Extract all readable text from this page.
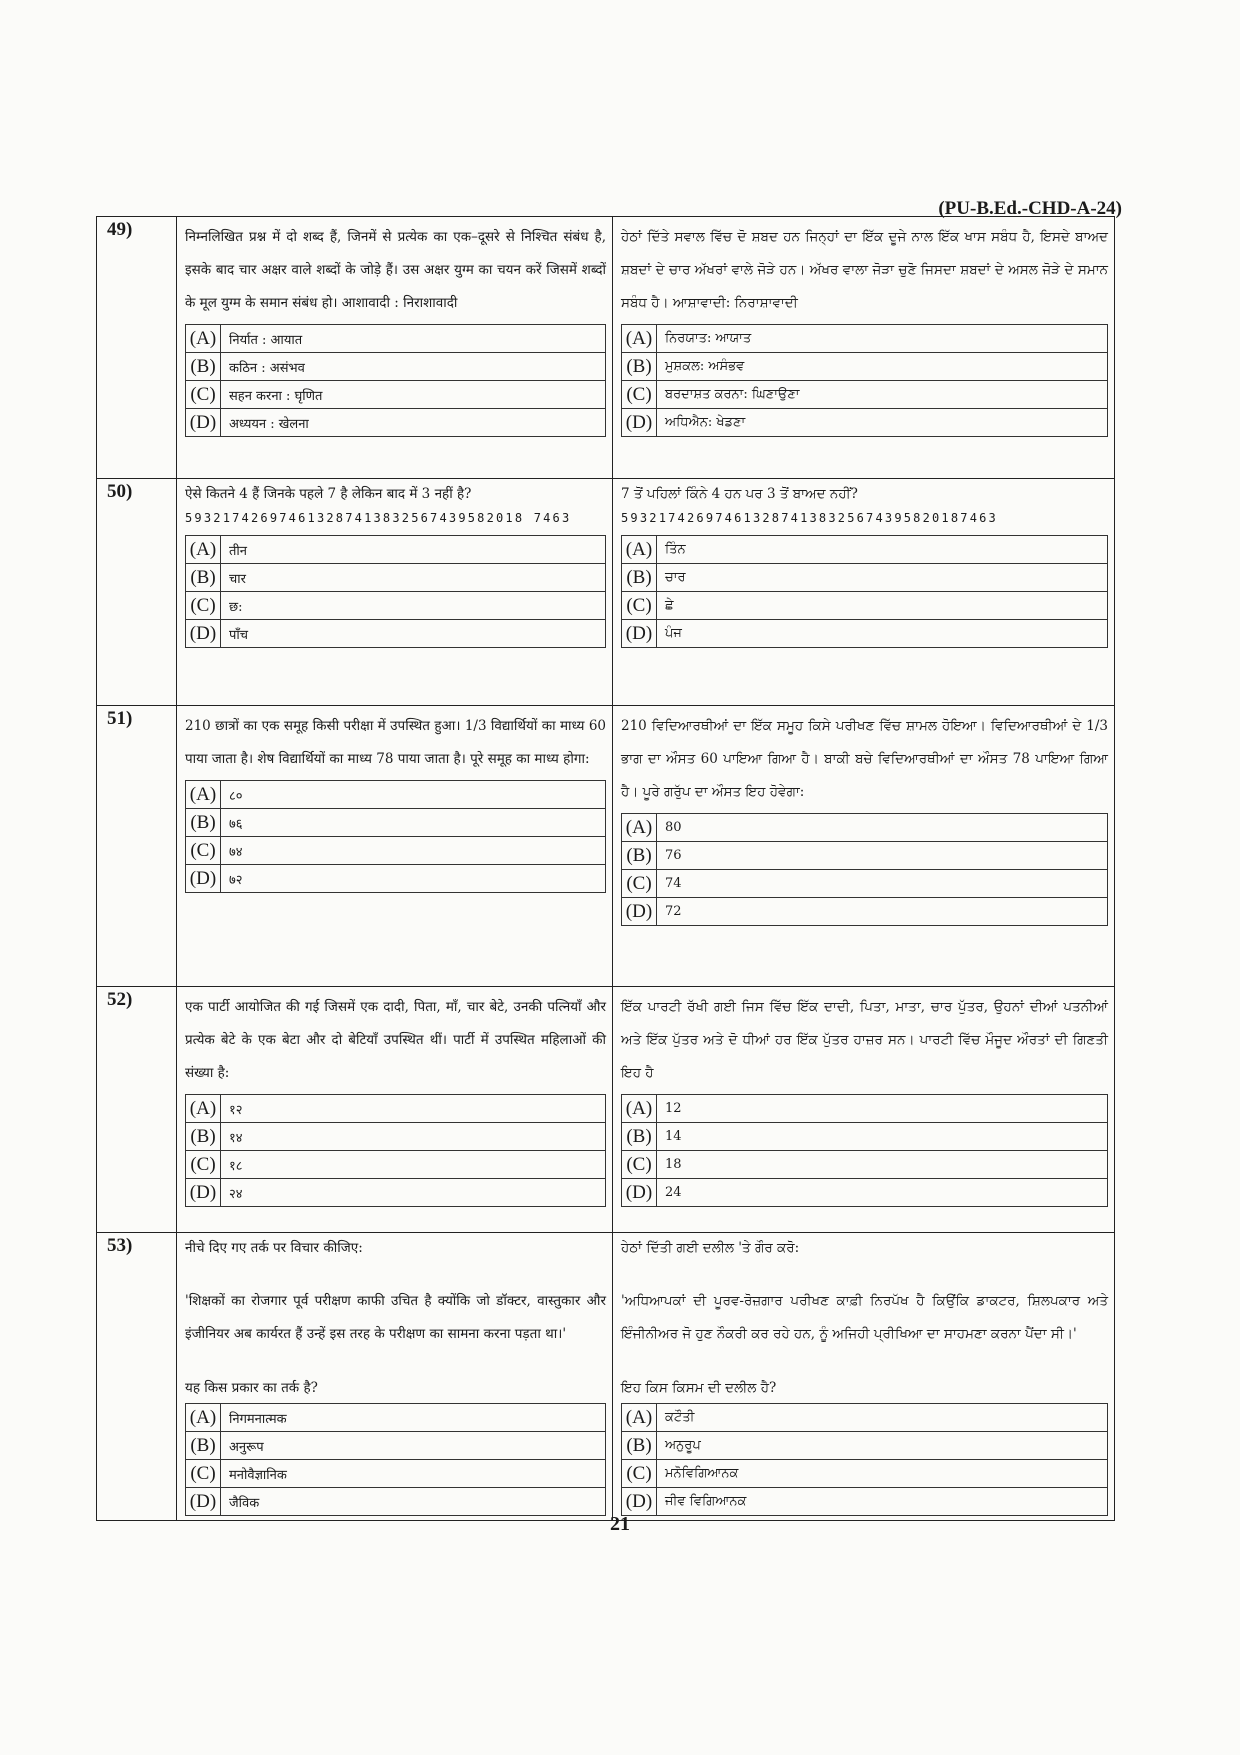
(PU-B.Ed.-CHD-A-24)
49)	निम्नलिखित प्रश्न में दो शब्द हैं, जिनमें से प्रत्येक का एक–दूसरे से निश्चित संबंध है, इसके बाद चार अक्षर वाले शब्दों के जोड़े हैं। उस अक्षर युग्म का चयन करें जिसमें शब्दों के मूल युग्म के समान संबंध हो। आशावादी : निराशावादी

(A)	निर्यात : आयात
(B)	कठिन : असंभव
(C)	सहन करना : घृणित
(D)	अध्ययन : खेलना

ਹੇਠਾਂ ਦਿੱਤੇ ਸਵਾਲ ਵਿੱਚ ਦੋ ਸ਼ਬਦ ਹਨ ਜਿਨ੍ਹਾਂ ਦਾ ਇੱਕ ਦੂਜੇ ਨਾਲ ਇੱਕ ਖਾਸ ਸਬੰਧ ਹੈ, ਇਸਦੇ ਬਾਅਦ ਸ਼ਬਦਾਂ ਦੇ ਚਾਰ ਅੱਖਰਾਂ ਵਾਲੇ ਜੋੜੇ ਹਨ। ਅੱਖਰ ਵਾਲਾ ਜੋੜਾ ਚੁਣੋ ਜਿਸਦਾ ਸ਼ਬਦਾਂ ਦੇ ਅਸਲ ਜੋੜੇ ਦੇ ਸਮਾਨ ਸਬੰਧ ਹੈ। ਆਸ਼ਾਵਾਦੀ: ਨਿਰਾਸ਼ਾਵਾਦੀ

(A)	ਨਿਰਯਾਤ: ਆਯਾਤ
(B)	ਮੁਸ਼ਕਲ: ਅਸੰਭਵ
(C)	ਬਰਦਾਸ਼ਤ ਕਰਨਾ: ਘਿਣਾਉਣਾ
(D)	ਅਧਿਐਨ: ਖੇਡਣਾ

50)	ऐसे कितने 4 हैं जिनके पहले 7 है लेकिन बाद में 3 नहीं है?

593217426974613287413832567439582018 7463

(A)	तीन
(B)	चार
(C)	छ:
(D)	पाँच

7 ਤੋਂ ਪਹਿਲਾਂ ਕਿੰਨੇ 4 ਹਨ ਪਰ 3 ਤੋਂ ਬਾਅਦ ਨਹੀਂ?

5932174269746132874138325674395820187463

(A)	ਤਿੰਨ
(B)	ਚਾਰ
(C)	ਛੇ
(D)	ਪੰਜ

51)	210 छात्रों का एक समूह किसी परीक्षा में उपस्थित हुआ। 1/3 विद्यार्थियों का माध्य 60 पाया जाता है। शेष विद्यार्थियों का माध्य 78 पाया जाता है। पूरे समूह का माध्य होगा:

(A)	८०
(B)	७६
(C)	७४
(D)	७२

210 ਵਿਦਿਆਰਥੀਆਂ ਦਾ ਇੱਕ ਸਮੂਹ ਕਿਸੇ ਪਰੀਖਣ ਵਿੱਚ ਸ਼ਾਮਲ ਹੋਇਆ। ਵਿਦਿਆਰਥੀਆਂ ਦੇ 1/3 ਭਾਗ ਦਾ ਔਸਤ 60 ਪਾਇਆ ਗਿਆ ਹੈ। ਬਾਕੀ ਬਚੇ ਵਿਦਿਆਰਥੀਆਂ ਦਾ ਔਸਤ 78 ਪਾਇਆ ਗਿਆ ਹੈ। ਪੂਰੇ ਗਰੁੱਪ ਦਾ ਔਸਤ ਇਹ ਹੋਵੇਗਾ:

(A)	80
(B)	76
(C)	74
(D)	72

52)	एक पार्टी आयोजित की गई जिसमें एक दादी, पिता, माँ, चार बेटे, उनकी पत्नियाँ और प्रत्येक बेटे के एक बेटा और दो बेटियाँ उपस्थित थीं। पार्टी में उपस्थित महिलाओं की संख्या है:

(A)	१२
(B)	१४
(C)	१८
(D)	२४

ਇੱਕ ਪਾਰਟੀ ਰੱਖੀ ਗਈ ਜਿਸ ਵਿੱਚ ਇੱਕ ਦਾਦੀ, ਪਿਤਾ, ਮਾਤਾ, ਚਾਰ ਪੁੱਤਰ, ਉਹਨਾਂ ਦੀਆਂ ਪਤਨੀਆਂ ਅਤੇ ਇੱਕ ਪੁੱਤਰ ਅਤੇ ਦੋ ਧੀਆਂ ਹਰ ਇੱਕ ਪੁੱਤਰ ਹਾਜ਼ਰ ਸਨ। ਪਾਰਟੀ ਵਿੱਚ ਮੌਜੂਦ ਔਰਤਾਂ ਦੀ ਗਿਣਤੀ ਇਹ ਹੈ

(A)	12
(B)	14
(C)	18
(D)	24

53)	नीचे दिए गए तर्क पर विचार कीजिए:

'शिक्षकों का रोजगार पूर्व परीक्षण काफी उचित है क्योंकि जो डॉक्टर, वास्तुकार और इंजीनियर अब कार्यरत हैं उन्हें इस तरह के परीक्षण का सामना करना पड़ता था।'

यह किस प्रकार का तर्क है?

(A)	निगमनात्मक
(B)	अनुरूप
(C)	मनोवैज्ञानिक
(D)	जैविक

ਹੇਠਾਂ ਦਿੱਤੀ ਗਈ ਦਲੀਲ 'ਤੇ ਗੌਰ ਕਰੋ:

'ਅਧਿਆਪਕਾਂ ਦੀ ਪੂਰਵ-ਰੋਜ਼ਗਾਰ ਪਰੀਖਣ ਕਾਫ਼ੀ ਨਿਰਪੱਖ ਹੈ ਕਿਉਂਕਿ ਡਾਕਟਰ, ਸ਼ਿਲਪਕਾਰ ਅਤੇ ਇੰਜੀਨੀਅਰ ਜੋ ਹੁਣ ਨੌਕਰੀ ਕਰ ਰਹੇ ਹਨ, ਨੂੰ ਅਜਿਹੀ ਪ੍ਰੀਖਿਆ ਦਾ ਸਾਹਮਣਾ ਕਰਨਾ ਪੈਂਦਾ ਸੀ।'

ਇਹ ਕਿਸ ਕਿਸਮ ਦੀ ਦਲੀਲ ਹੈ?

(A)	ਕਟੌਤੀ
(B)	ਅਨੁਰੂਪ
(C)	ਮਨੋਵਿਗਿਆਨਕ
(D)	ਜੀਵ ਵਿਗਿਆਨਕ
21
